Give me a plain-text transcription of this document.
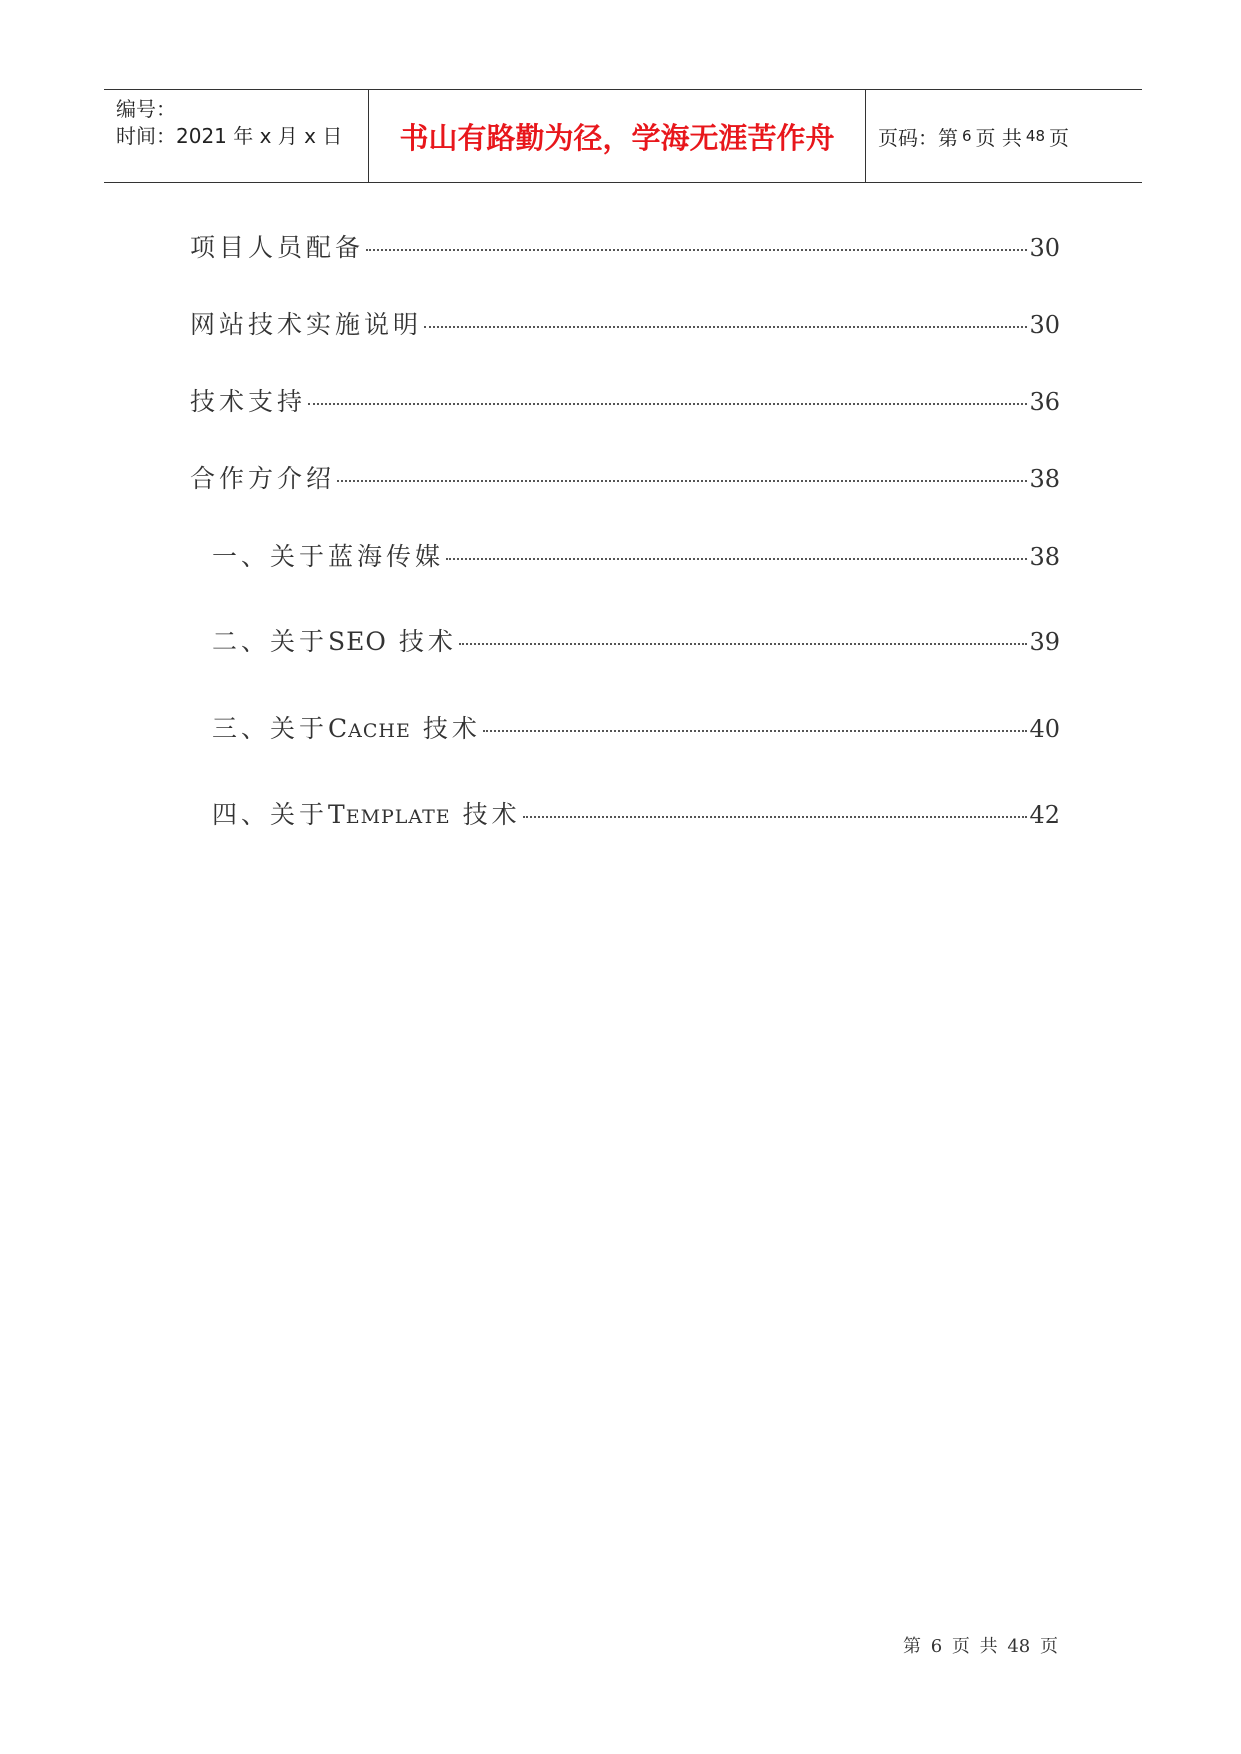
编号：
时间：2021 年 x 月 x 日 书山有路勤为径，学海无涯苦作舟 页码：第 6 页 共 48 页
项目人员配备	30
网站技术实施说明	30
技术支持	36
合作方介绍	38
一、关于蓝海传媒	38
二、关于SEO 技术	39
三、关于CACHE 技术	40
四、关于TEMPLATE 技术	42
第 6 页 共 48 页
